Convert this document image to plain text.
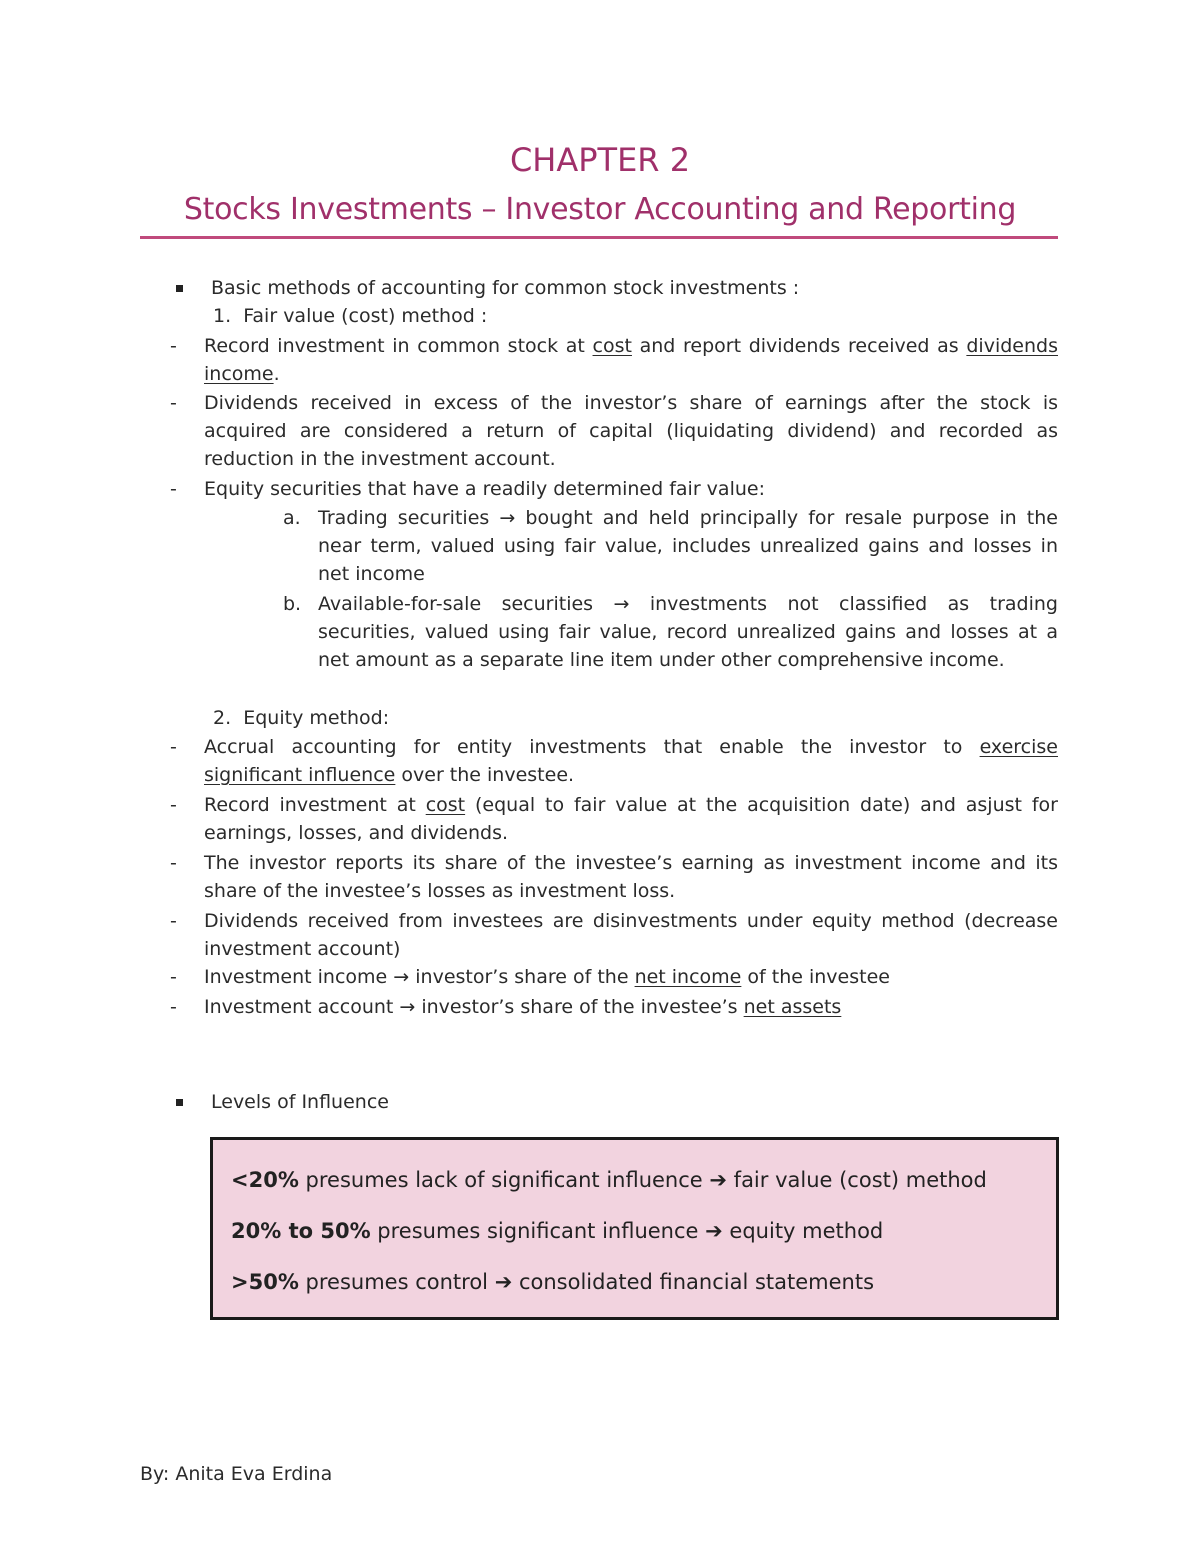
CHAPTER 2
Stocks Investments – Investor Accounting and Reporting
Basic methods of accounting for common stock investments :
1. Fair value (cost) method :
- Record investment in common stock at cost and report dividends received as dividends
income.
- Dividends received in excess of the investor’s share of earnings after the stock is
acquired are considered a return of capital (liquidating dividend) and recorded as
reduction in the investment account.
- Equity securities that have a readily determined fair value:
a. Trading securities → bought and held principally for resale purpose in the
near term, valued using fair value, includes unrealized gains and losses in
net income
b. Available-for-sale securities → investments not classified as trading
securities, valued using fair value, record unrealized gains and losses at a
net amount as a separate line item under other comprehensive income.
2. Equity method:
- Accrual accounting for entity investments that enable the investor to exercise
significant influence over the investee.
- Record investment at cost (equal to fair value at the acquisition date) and asjust for
earnings, losses, and dividends.
- The investor reports its share of the investee’s earning as investment income and its
share of the investee’s losses as investment loss.
- Dividends received from investees are disinvestments under equity method (decrease
investment account)
- Investment income → investor’s share of the net income of the investee
- Investment account → investor’s share of the investee’s net assets
Levels of Influence
<20% presumes lack of significant influence ➔ fair value (cost) method
20% to 50% presumes significant influence ➔ equity method
>50% presumes control ➔ consolidated financial statements
By: Anita Eva Erdina
